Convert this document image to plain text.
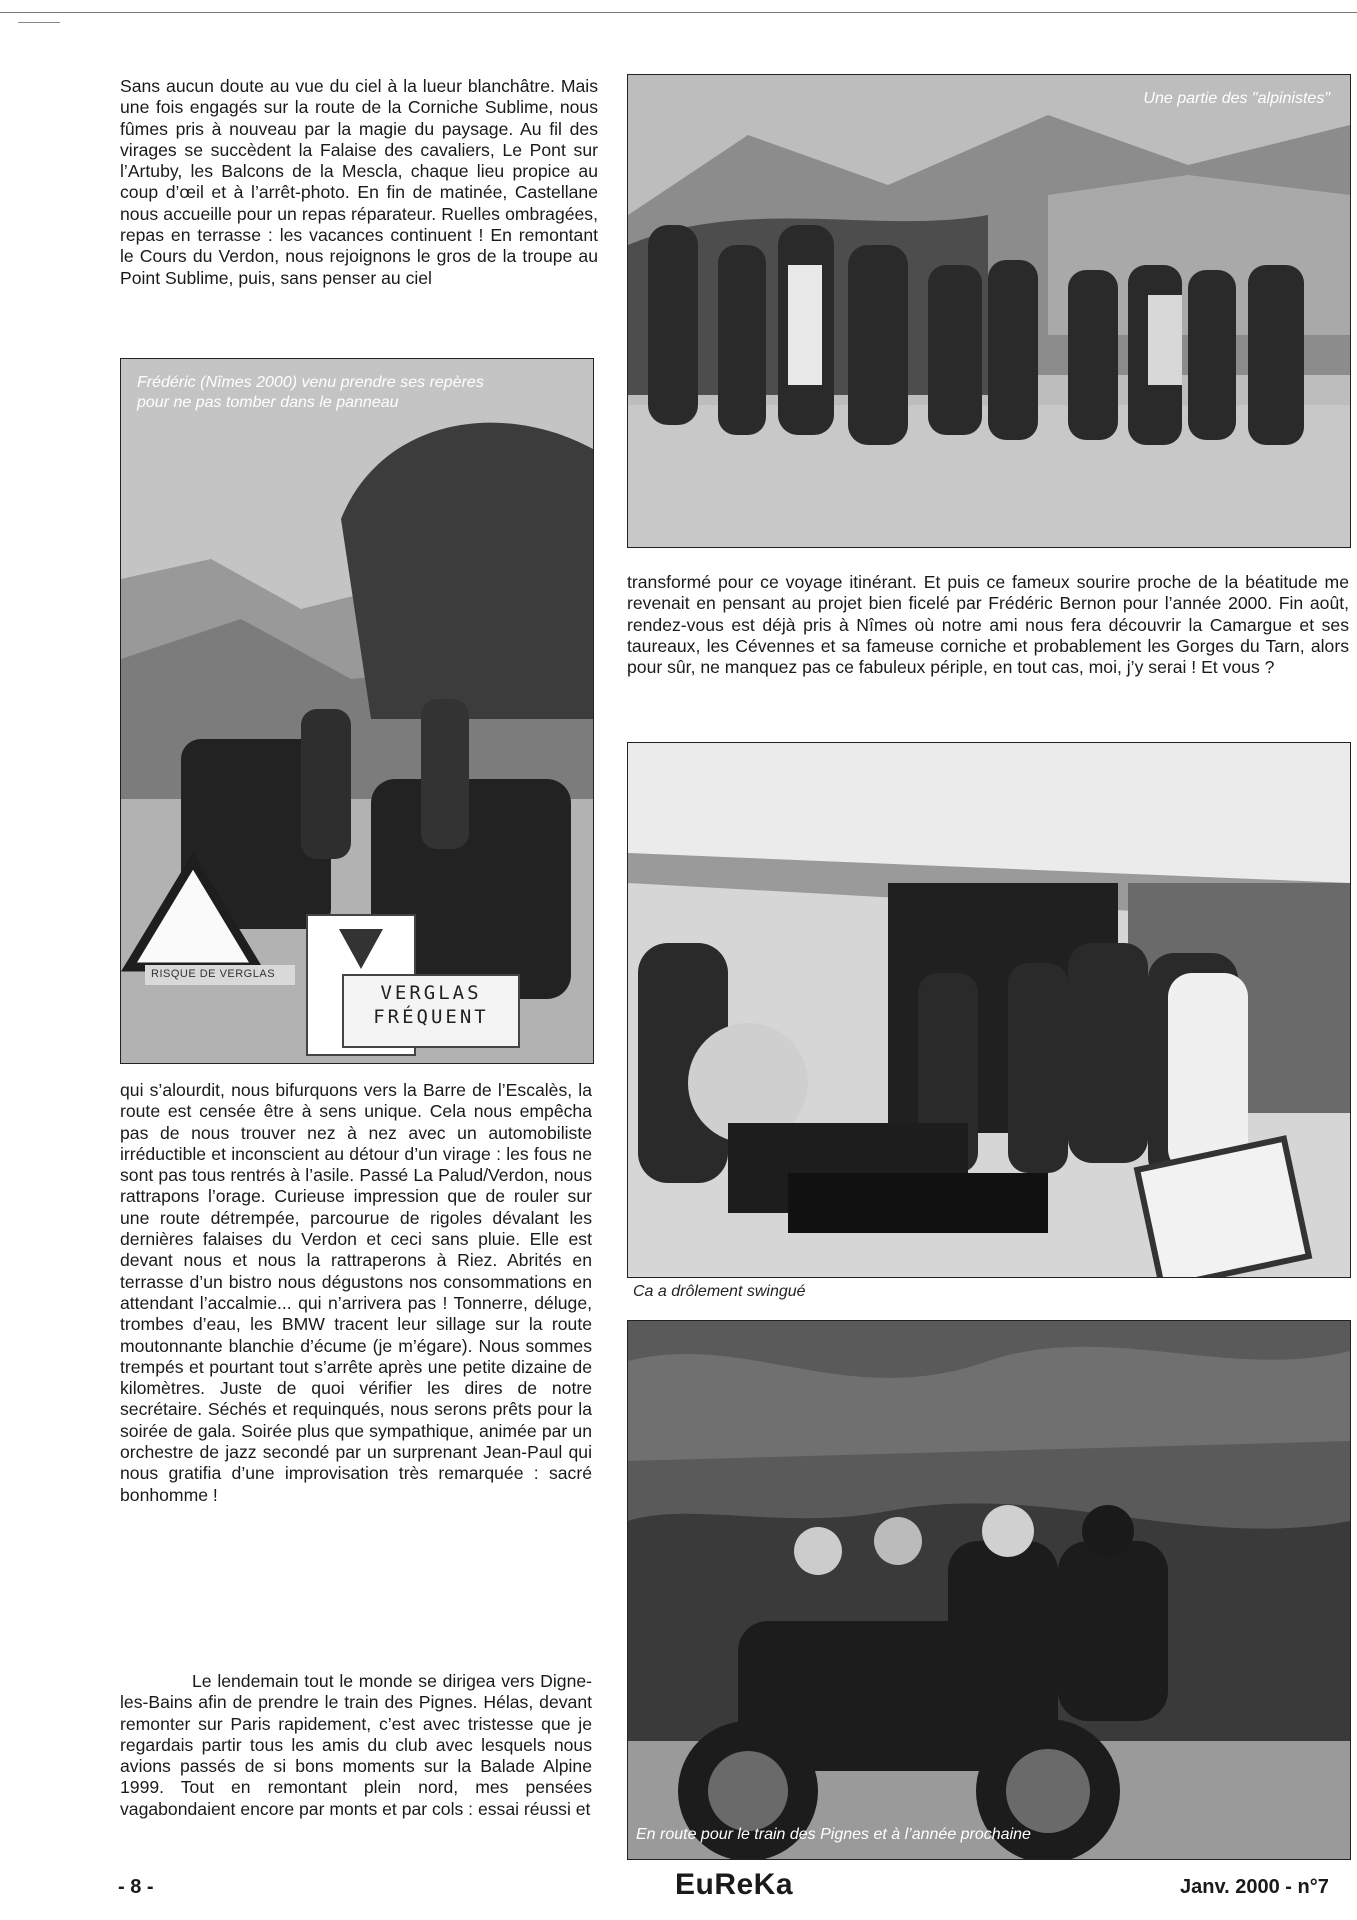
Sans aucun doute au vue du ciel à la lueur blanchâtre. Mais une fois engagés sur la route de la Corniche Sublime, nous fûmes pris à nouveau par la magie du paysage. Au fil des virages se succèdent la Falaise des cavaliers, Le Pont sur l’Artuby, les Balcons de la Mescla, chaque lieu propice au coup d’œil et à l’arrêt-photo. En fin de matinée, Castellane nous accueille pour un repas réparateur. Ruelles ombragées, repas en terrasse : les vacances continuent ! En remontant le Cours du Verdon, nous rejoignons le gros de la troupe au Point Sublime, puis, sans penser au ciel

Une partie des "alpinistes"
Frédéric (Nîmes 2000) venu prendre ses repères
pour ne pas tomber dans le panneau
RISQUE DE VERGLAS
VERGLAS
FRÉQUENT

transformé pour ce voyage itinérant. Et puis ce fameux sourire proche de la béatitude me revenait en pensant au projet bien ficelé par Frédéric Bernon pour l’année 2000. Fin août, rendez-vous est déjà pris à Nîmes où notre ami nous fera découvrir la Camargue et ses taureaux, les Cévennes et sa fameuse corniche et probablement les Gorges du Tarn, alors pour sûr, ne manquez pas ce fabuleux périple, en tout cas, moi, j’y serai ! Et vous ?

Ca a drôlement swingué

qui s’alourdit, nous bifurquons vers la Barre de l’Escalès, la route est censée être à sens unique. Cela nous empêcha pas de nous trouver nez à nez avec un automobiliste irréductible et inconscient au détour d’un virage : les fous ne sont pas tous rentrés à l’asile. Passé La Palud/Verdon, nous rattrapons l’orage. Curieuse impression que de rouler sur une route détrempée, parcourue de rigoles dévalant les dernières falaises du Verdon et ceci sans pluie. Elle est devant nous et nous la rattraperons à Riez. Abrités en terrasse d’un bistro nous dégustons nos consommations en attendant l’accalmie... qui n’arrivera pas ! Tonnerre, déluge, trombes d’eau, les BMW tracent leur sillage sur la route moutonnante blanchie d’écume (je m’égare). Nous sommes trempés et pourtant tout s’arrête après une petite dizaine de kilomètres. Juste de quoi vérifier les dires de notre secrétaire. Séchés et requinqués, nous serons prêts pour la soirée de gala. Soirée plus que sympathique, animée par un orchestre de jazz secondé par un surprenant Jean-Paul qui nous gratifia d’une improvisation très remarquée : sacré bonhomme !

Le lendemain tout le monde se dirigea vers Digne-les-Bains afin de prendre le train des Pignes. Hélas, devant remonter sur Paris rapidement, c’est avec tristesse que je regardais partir tous les amis du club avec lesquels nous avions passés de si bons moments sur la Balade Alpine 1999. Tout en remontant plein nord, mes pensées vagabondaient encore par monts et par cols : essai réussi et

En route pour le train des Pignes et à l’année prochaine
- 8 -	EuReKa	Janv. 2000 - n°7
